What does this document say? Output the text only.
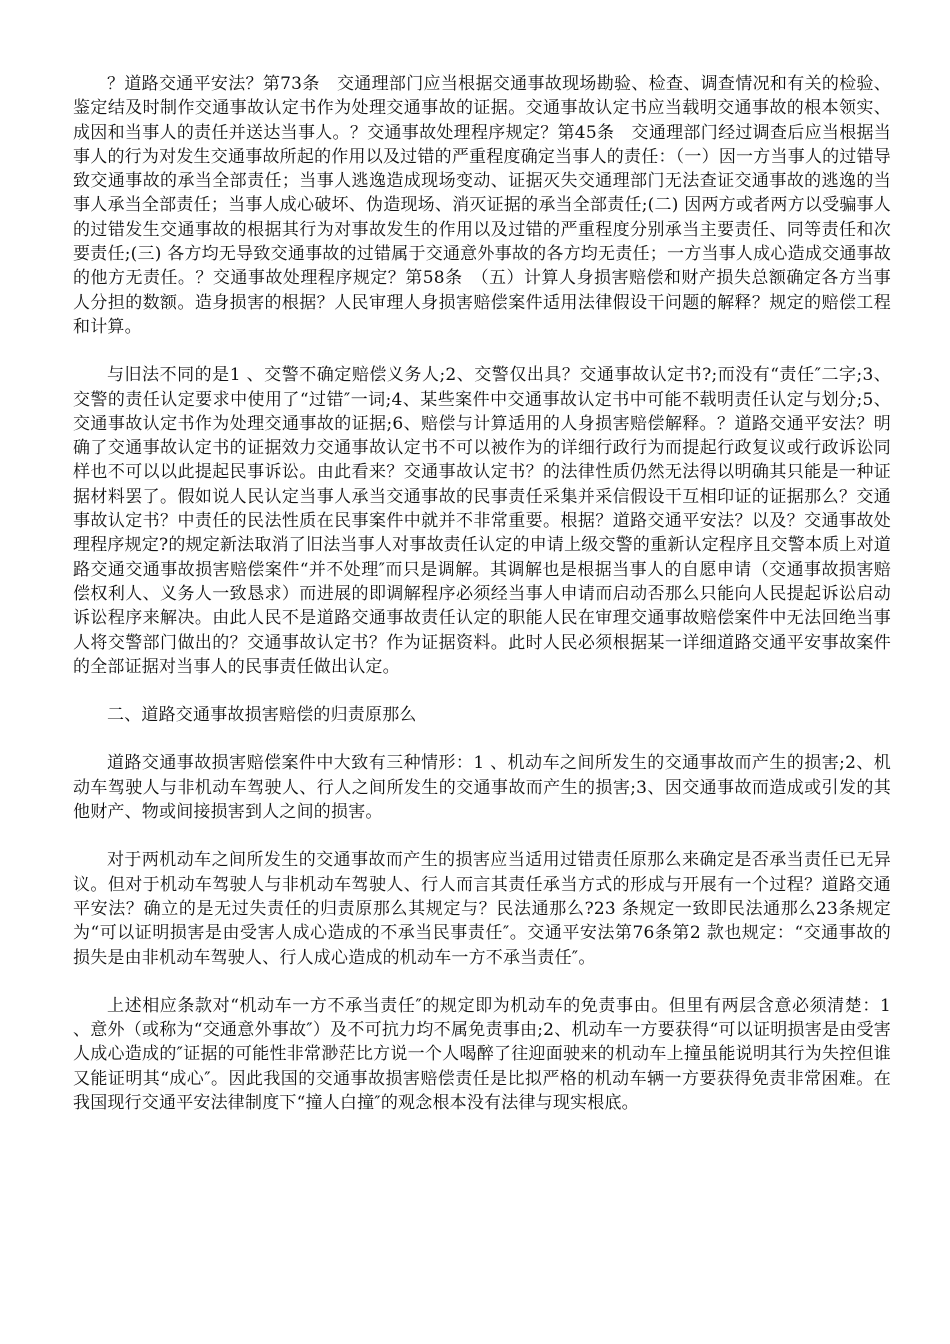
？道路交通平安法？第73条　交通理部门应当根据交通事故现场勘验、检查、调查情况和有关的检验、鉴定结及时制作交通事故认定书作为处理交通事故的证据。交通事故认定书应当载明交通事故的根本领实、成因和当事人的责任并送达当事人。？交通事故处理程序规定？第45条　交通理部门经过调查后应当根据当事人的行为对发生交通事故所起的作用以及过错的严重程度确定当事人的责任：（一）因一方当事人的过错导致交通事故的承当全部责任；当事人逃逸造成现场变动、证据灭失交通理部门无法查证交通事故的逃逸的当事人承当全部责任；当事人成心破坏、伪造现场、消灭证据的承当全部责任;(二) 因两方或者两方以受骗事人的过错发生交通事故的根据其行为对事故发生的作用以及过错的严重程度分别承当主要责任、同等责任和次要责任;(三) 各方均无导致交通事故的过错属于交通意外事故的各方均无责任；一方当事人成心造成交通事故的他方无责任。？交通事故处理程序规定？第58条　（五）计算人身损害赔偿和财产损失总额确定各方当事人分担的数额。造身损害的根据？人民审理人身损害赔偿案件适用法律假设干问题的解释？规定的赔偿工程和计算。

与旧法不同的是1 、交警不确定赔偿义务人;2、交警仅出具？交通事故认定书?;而没有“责任″二字;3、交警的责任认定要求中使用了“过错″一词;4、某些案件中交通事故认定书中可能不载明责任认定与划分;5、交通事故认定书作为处理交通事故的证据;6、赔偿与计算适用的人身损害赔偿解释。？道路交通平安法？明确了交通事故认定书的证据效力交通事故认定书不可以被作为的详细行政行为而提起行政复议或行政诉讼同样也不可以以此提起民事诉讼。由此看来？交通事故认定书？的法律性质仍然无法得以明确其只能是一种证据材料罢了。假如说人民认定当事人承当交通事故的民事责任采集并采信假设干互相印证的证据那么？交通事故认定书？中责任的民法性质在民事案件中就并不非常重要。根据？道路交通平安法？以及？交通事故处理程序规定?的规定新法取消了旧法当事人对事故责任认定的申请上级交警的重新认定程序且交警本质上对道路交通交通事故损害赔偿案件“并不处理″而只是调解。其调解也是根据当事人的自愿申请（交通事故损害赔偿权利人、义务人一致恳求）而进展的即调解程序必须经当事人申请而启动否那么只能向人民提起诉讼启动诉讼程序来解决。由此人民不是道路交通事故责任认定的职能人民在审理交通事故赔偿案件中无法回绝当事人将交警部门做出的？交通事故认定书？作为证据资料。此时人民必须根据某一详细道路交通平安事故案件的全部证据对当事人的民事责任做出认定。

二、道路交通事故损害赔偿的归责原那么

道路交通事故损害赔偿案件中大致有三种情形：1 、机动车之间所发生的交通事故而产生的损害;2、机动车驾驶人与非机动车驾驶人、行人之间所发生的交通事故而产生的损害;3、因交通事故而造成或引发的其他财产、物或间接损害到人之间的损害。

对于两机动车之间所发生的交通事故而产生的损害应当适用过错责任原那么来确定是否承当责任已无异议。但对于机动车驾驶人与非机动车驾驶人、行人而言其责任承当方式的形成与开展有一个过程？道路交通平安法？确立的是无过失责任的归责原那么其规定与？民法通那么?23 条规定一致即民法通那么23条规定为“可以证明损害是由受害人成心造成的不承当民事责任″。交通平安法第76条第2 款也规定：“交通事故的损失是由非机动车驾驶人、行人成心造成的机动车一方不承当责任″。

上述相应条款对“机动车一方不承当责任″的规定即为机动车的免责事由。但里有两层含意必须清楚：1 、意外（或称为“交通意外事故″）及不可抗力均不属免责事由;2、机动车一方要获得“可以证明损害是由受害人成心造成的″证据的可能性非常渺茫比方说一个人喝醉了往迎面驶来的机动车上撞虽能说明其行为失控但谁又能证明其“成心″。因此我国的交通事故损害赔偿责任是比拟严格的机动车辆一方要获得免责非常困难。在我国现行交通平安法律制度下“撞人白撞″的观念根本没有法律与现实根底。
